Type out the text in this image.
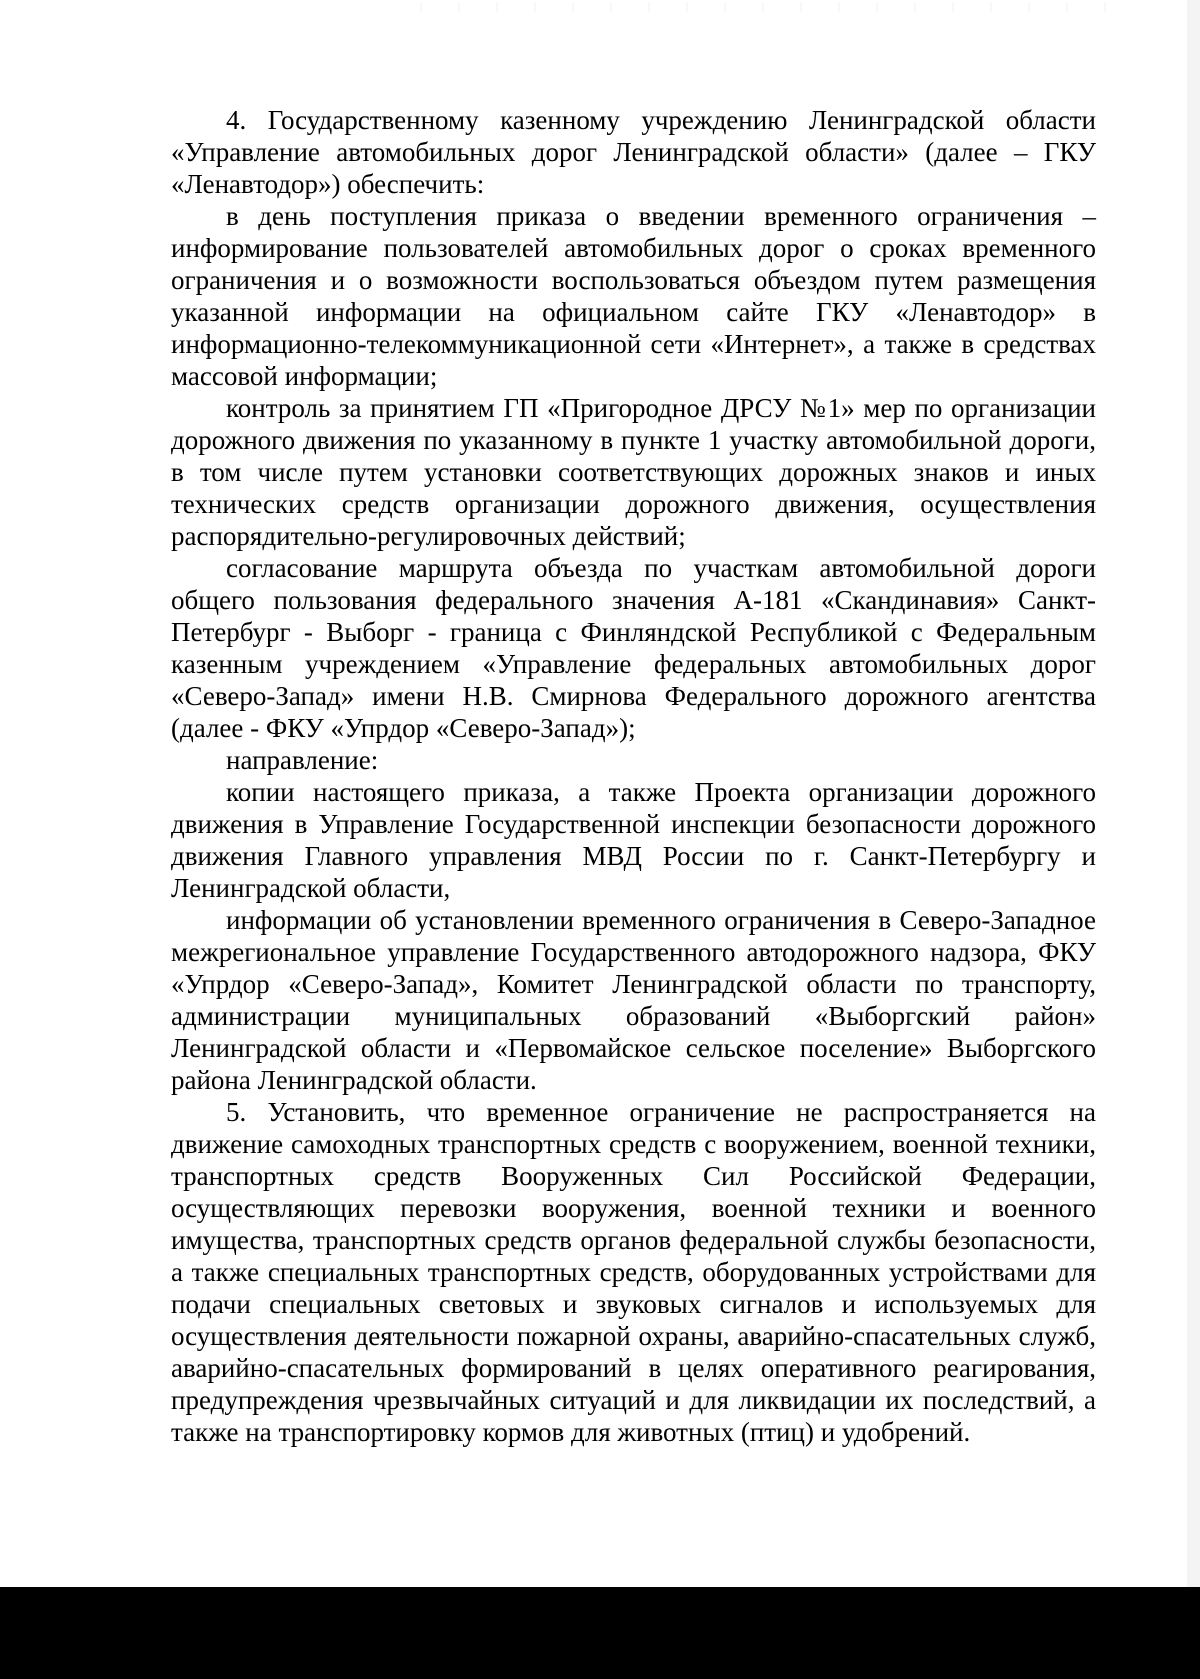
4. Государственному казенному учреждению Ленинградской области «Управление автомобильных дорог Ленинградской области» (далее – ГКУ «Ленавтодор») обеспечить:

в день поступления приказа о введении временного ограничения – информирование пользователей автомобильных дорог о сроках временного ограничения и о возможности воспользоваться объездом путем размещения указанной информации на официальном сайте ГКУ «Ленавтодор» в информационно-телекоммуникационной сети «Интернет», а также в средствах массовой информации;

контроль за принятием ГП «Пригородное ДРСУ №1» мер по организации дорожного движения по указанному в пункте 1 участку автомобильной дороги, в том числе путем установки соответствующих дорожных знаков и иных технических средств организации дорожного движения, осуществления распорядительно-регулировочных действий;

согласование маршрута объезда по участкам автомобильной дороги общего пользования федерального значения А-181 «Скандинавия» Санкт-Петербург - Выборг - граница с Финляндской Республикой с Федеральным казенным учреждением «Управление федеральных автомобильных дорог «Северо-Запад» имени Н.В. Смирнова Федерального дорожного агентства (далее - ФКУ «Упрдор «Северо-Запад»);

направление:

копии настоящего приказа, а также Проекта организации дорожного движения в Управление Государственной инспекции безопасности дорожного движения Главного управления МВД России по г. Санкт-Петербургу и Ленинградской области,

информации об установлении временного ограничения в Северо-Западное межрегиональное управление Государственного автодорожного надзора, ФКУ «Упрдор «Северо-Запад», Комитет Ленинградской области по транспорту, администрации муниципальных образований «Выборгский район» Ленинградской области и «Первомайское сельское поселение» Выборгского района Ленинградской области.

5. Установить, что временное ограничение не распространяется на движение самоходных транспортных средств с вооружением, военной техники, транспортных средств Вооруженных Сил Российской Федерации, осуществляющих перевозки вооружения, военной техники и военного имущества, транспортных средств органов федеральной службы безопасности, а также специальных транспортных средств, оборудованных устройствами для подачи специальных световых и звуковых сигналов и используемых для осуществления деятельности пожарной охраны, аварийно-спасательных служб, аварийно-спасательных формирований в целях оперативного реагирования, предупреждения чрезвычайных ситуаций и для ликвидации их последствий, а также на транспортировку кормов для животных (птиц) и удобрений.
